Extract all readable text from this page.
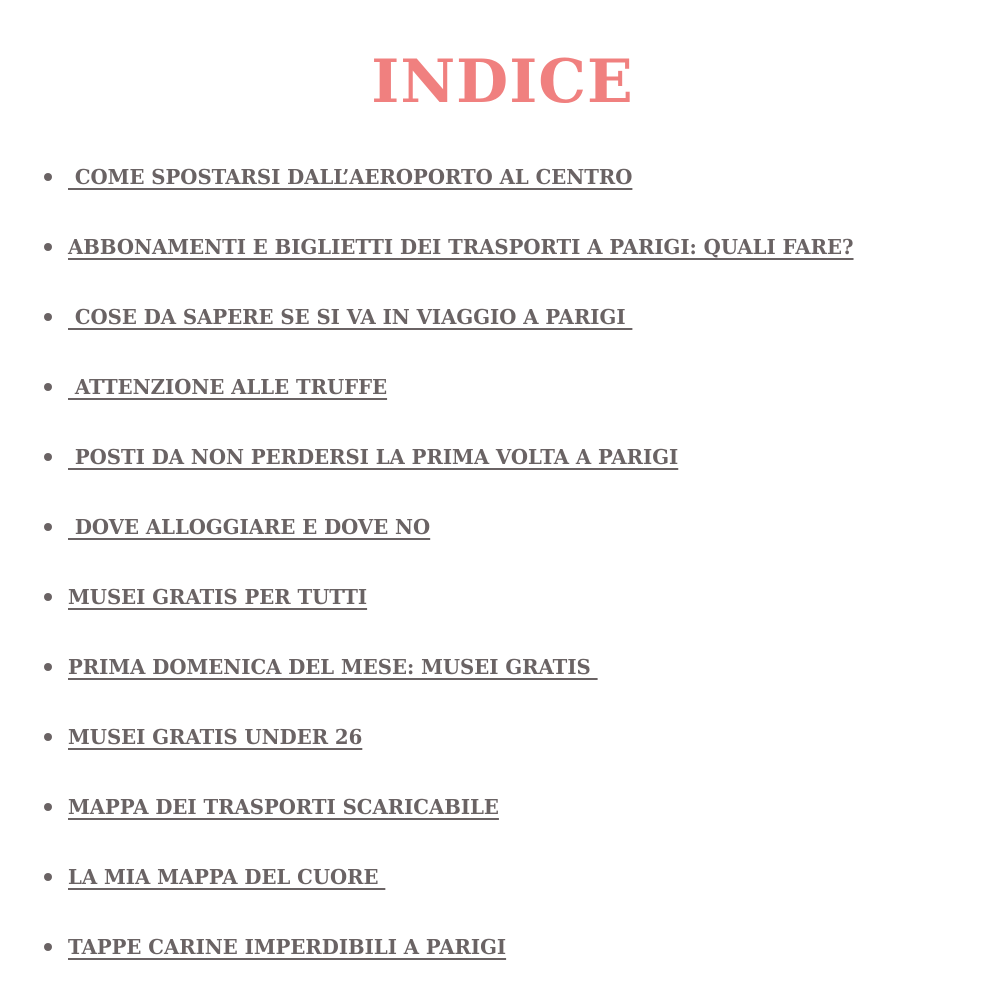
INDICE
COME SPOSTARSI DALL’AEROPORTO AL CENTRO
ABBONAMENTI E BIGLIETTI DEI TRASPORTI A PARIGI: QUALI FARE?
COSE DA SAPERE SE SI VA IN VIAGGIO A PARIGI
ATTENZIONE ALLE TRUFFE
POSTI DA NON PERDERSI LA PRIMA VOLTA A PARIGI
DOVE ALLOGGIARE E DOVE NO
MUSEI GRATIS PER TUTTI
PRIMA DOMENICA DEL MESE: MUSEI GRATIS
MUSEI GRATIS UNDER 26
MAPPA DEI TRASPORTI SCARICABILE
LA MIA MAPPA DEL CUORE
TAPPE CARINE IMPERDIBILI A PARIGI
